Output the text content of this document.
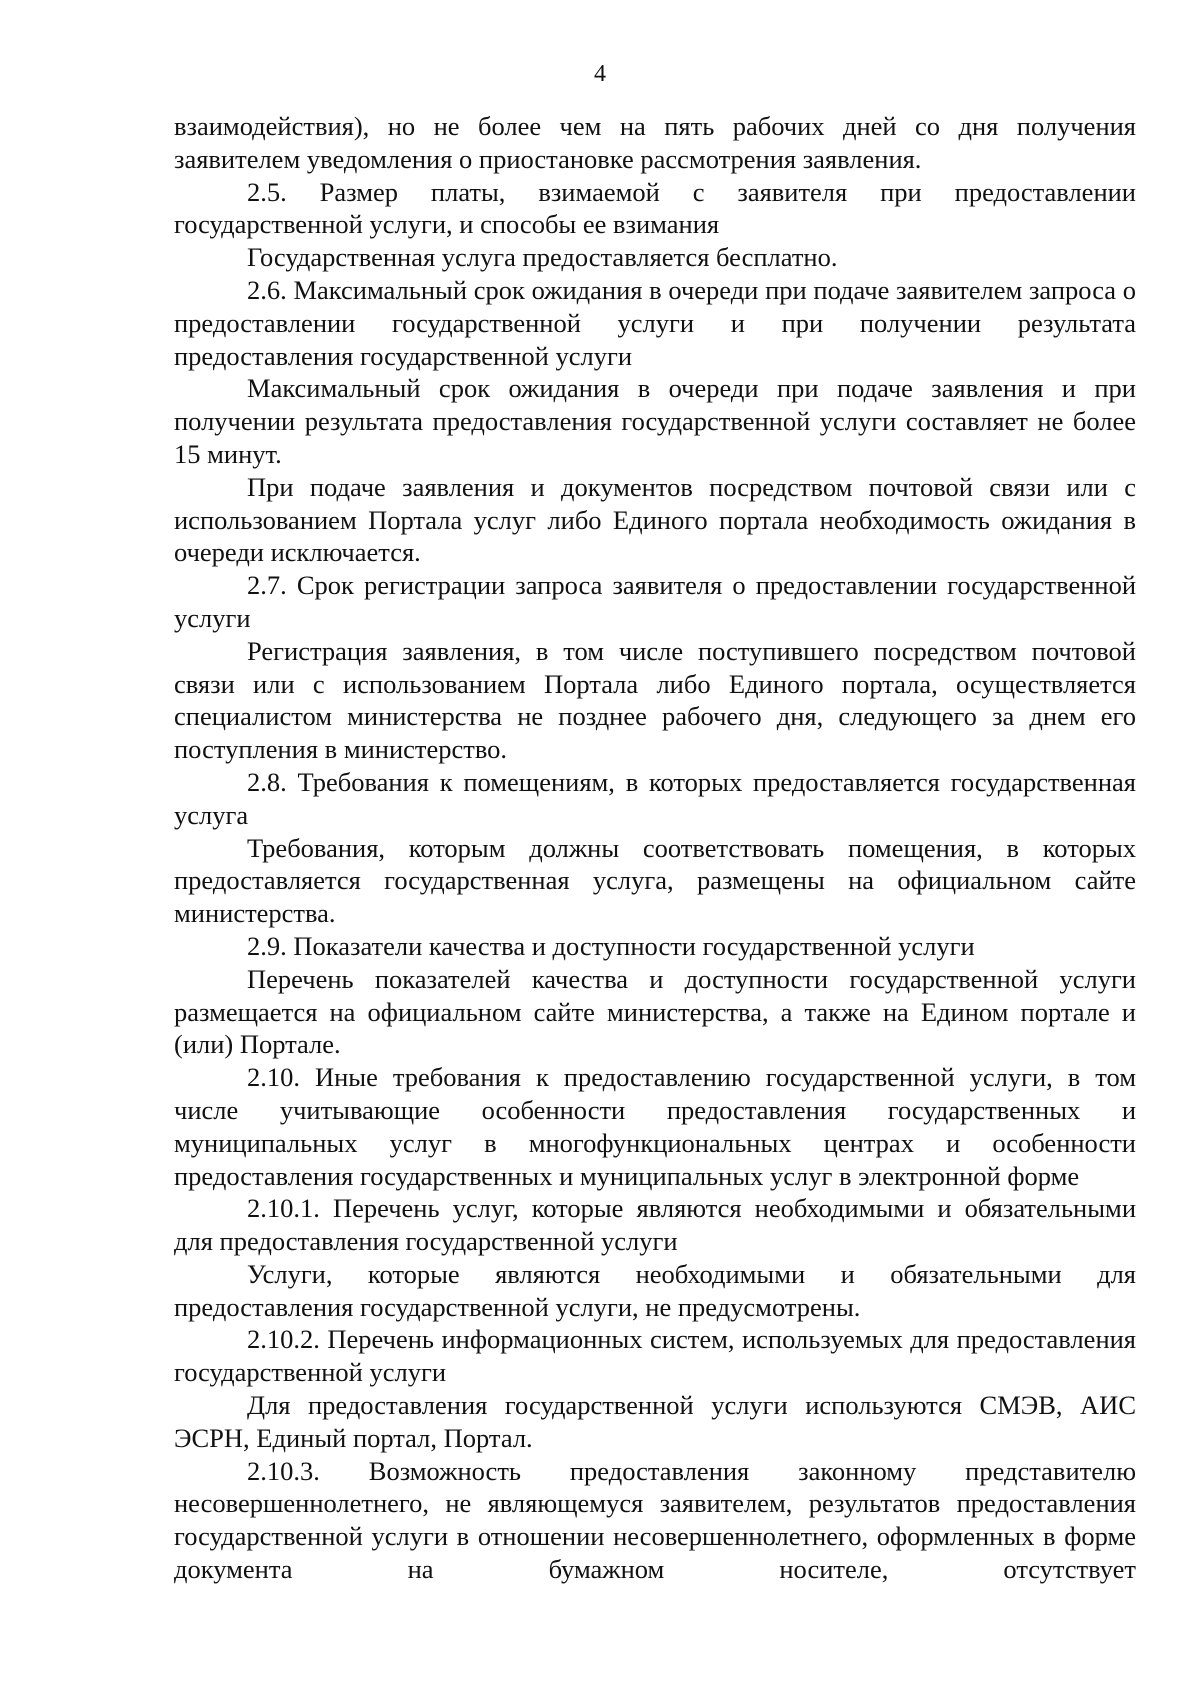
4

взаимодействия), но не более чем на пять рабочих дней со дня получения заявителем уведомления о приостановке рассмотрения заявления.

2.5. Размер платы, взимаемой с заявителя при предоставлении государственной услуги, и способы ее взимания

Государственная услуга предоставляется бесплатно.

2.6. Максимальный срок ожидания в очереди при подаче заявителем запроса о предоставлении государственной услуги и при получении результата предоставления государственной услуги

Максимальный срок ожидания в очереди при подаче заявления и при получении результата предоставления государственной услуги составляет не более 15 минут.

При подаче заявления и документов посредством почтовой связи или с использованием Портала услуг либо Единого портала необходимость ожидания в очереди исключается.

2.7. Срок регистрации запроса заявителя о предоставлении государственной услуги

Регистрация заявления, в том числе поступившего посредством почтовой связи или с использованием Портала либо Единого портала, осуществляется специалистом министерства не позднее рабочего дня, следующего за днем его поступления в министерство.

2.8. Требования к помещениям, в которых предоставляется государственная услуга

Требования, которым должны соответствовать помещения, в которых предоставляется государственная услуга, размещены на официальном сайте министерства.

2.9. Показатели качества и доступности государственной услуги

Перечень показателей качества и доступности государственной услуги размещается на официальном сайте министерства, а также на Едином портале и (или) Портале.

2.10. Иные требования к предоставлению государственной услуги, в том числе учитывающие особенности предоставления государственных и муниципальных услуг в многофункциональных центрах и особенности предоставления государственных и муниципальных услуг в электронной форме

2.10.1. Перечень услуг, которые являются необходимыми и обязательными для предоставления государственной услуги

Услуги, которые являются необходимыми и обязательными для предоставления государственной услуги, не предусмотрены.

2.10.2. Перечень информационных систем, используемых для предоставления государственной услуги

Для предоставления государственной услуги используются СМЭВ, АИС ЭСРН, Единый портал, Портал.

2.10.3. Возможность предоставления законному представителю несовершеннолетнего, не являющемуся заявителем, результатов предоставления государственной услуги в отношении несовершеннолетнего, оформленных в форме документа на бумажном носителе, отсутствует
